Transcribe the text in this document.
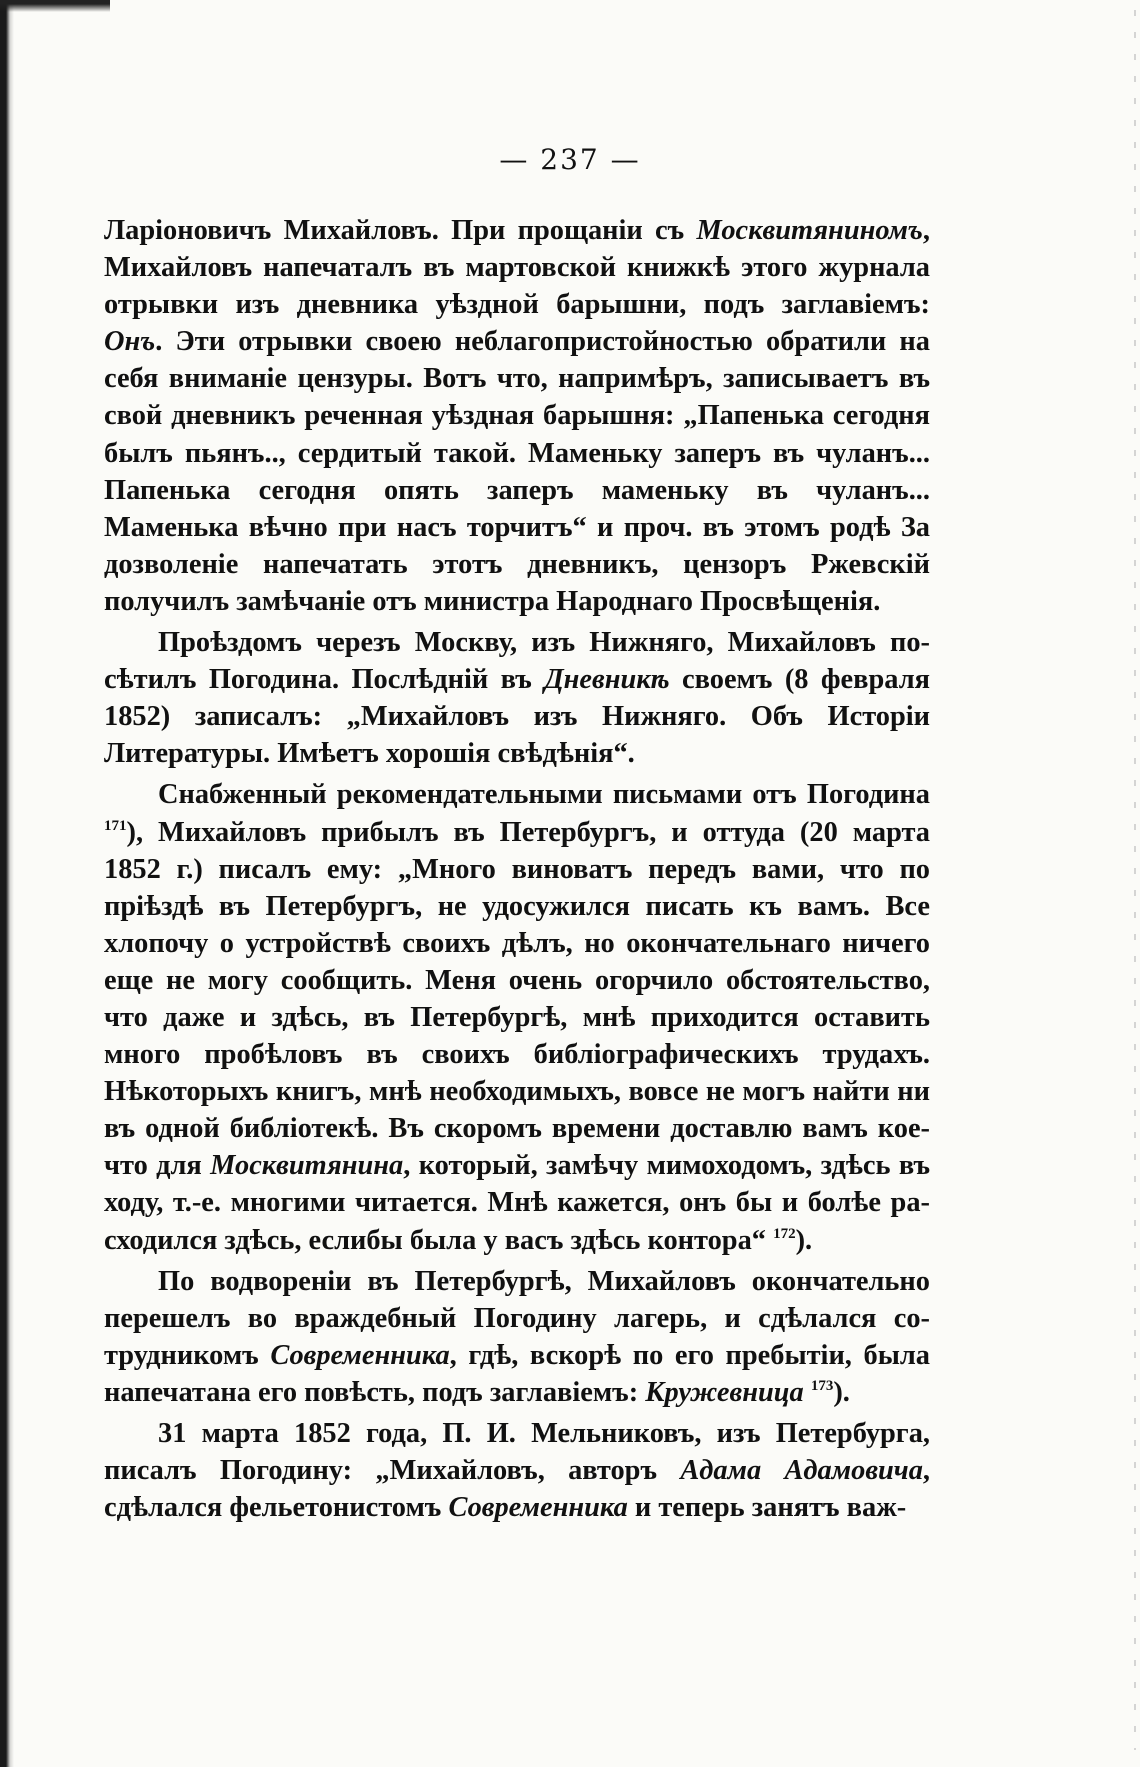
— 237 —

Ларіоновичъ Михайловъ. При прощаніи съ Москвитяниномъ, Михайловъ напечаталъ въ мартовской книжкѣ этого журнала отрывки изъ дневника уѣздной барышни, подъ заглавіемъ: Онъ. Эти отрывки своею неблагопристойностью обратили на себя вниманіе цензуры. Вотъ что, напримѣръ, записываетъ въ свой дневникъ реченная уѣздная барышня: „Папенька сегодня былъ пьянъ.., сердитый такой. Маменьку заперъ въ чуланъ... Папенька сегодня опять заперъ маменьку въ чуланъ... Маменька вѣчно при насъ торчитъ“ и проч. въ этомъ родѣ За дозволеніе напечатать этотъ дневникъ, цензоръ Ржевскій получилъ замѣчаніе отъ министра Народнаго Просвѣщенія.

Проѣздомъ черезъ Москву, изъ Нижняго, Михайловъ посѣтилъ Погодина. Послѣдній въ Дневникѣ своемъ (8 февраля 1852) записалъ: „Михайловъ изъ Нижняго. Объ Исторіи Литературы. Имѣетъ хорошія свѣдѣнія“.

Снабженный рекомендательными письмами отъ Погодина $^{171}$), Михайловъ прибылъ въ Петербургъ, и оттуда (20 марта 1852 г.) писалъ ему: „Много виноватъ передъ вами, что по пріѣздѣ въ Петербургъ, не удосужился писать къ вамъ. Все хлопочу о устройствѣ своихъ дѣлъ, но окончательнаго ничего еще не могу сообщить. Меня очень огорчило обстоятельство, что даже и здѣсь, въ Петербургѣ, мнѣ приходится оставить много пробѣловъ въ своихъ библіографическихъ трудахъ. Нѣкоторыхъ книгъ, мнѣ необходимыхъ, вовсе не могъ найти ни въ одной библіотекѣ. Въ скоромъ времени доставлю вамъ кое-что для Москвитянина, который, замѣчу мимоходомъ, здѣсь въ ходу, т.-е. многими читается. Мнѣ кажется, онъ бы и болѣе расходился здѣсь, еслибы была у васъ здѣсь контора“ $^{172}$).

По водвореніи въ Петербургѣ, Михайловъ окончательно перешелъ во враждебный Погодину лагерь, и сдѣлался сотрудникомъ Современника, гдѣ, вскорѣ по его пребытіи, была напечатана его повѣсть, подъ заглавіемъ: Кружевница $^{173}$).

31 марта 1852 года, П. И. Мельниковъ, изъ Петербурга, писалъ Погодину: „Михайловъ, авторъ Адама Адамовича, сдѣлался фельетонистомъ Современника и теперь занятъ важ-
